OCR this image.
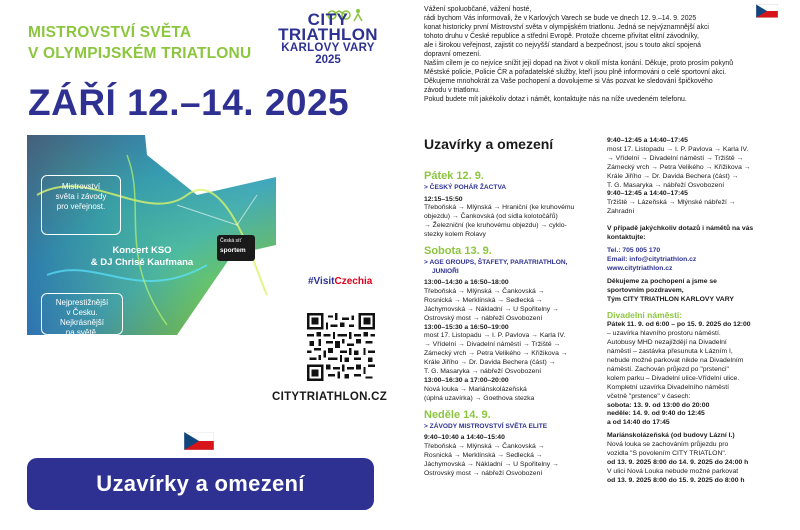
MISTROVSTVÍ SVĚTA
V OLYMPIJSKÉM TRIATLONU
CITY
TRIATHLON
KARLOVY VARY
2025
ZÁŘÍ 12.–14. 2025
Mistrovství
světa i závody
pro veřejnost.
Koncert KSO
& DJ Chrisě Kaufmana
Česká síť
sportem
Nejprestižnější
v Česku.
Nejkrásnější
na světě.
#VisitCzechia
CITYTRIATHLON.CZ
Uzavírky a omezení

Vážení spoluobčané, vážení hosté,

rádi bychom Vás informovali, že v Karlových Varech se bude ve dnech 12. 9.–14. 9. 2025

konat historicky první Mistrovství světa v olympijském triatlonu. Jedná se nejvýznamnější akci

tohoto druhu v České republice a střední Evropě. Protože chceme přivítat elitní závodníky,

ale i širokou veřejnost, zajistit co nejvyšší standard a bezpečnost, jsou s touto akcí spojená

dopravní omezení.

Naším cílem je co nejvíce snížit její dopad na život v okolí místa konání. Děkuje, proto prosím pokynů

Městské policie, Policie ČR a pořadatelské služby, kteří jsou plně informováni o celé sportovní akci.

Děkujeme mnohokrát za Vaše pochopení a dovolujeme si Vás pozvat ke sledování špičkového

závodu v triatlonu.

Pokud budete mít jakékoliv dotaz i námět, kontaktujte nás na níže uvedeném telefonu.

Uzavírky a omezení
Pátek 12. 9.
> ČESKÝ POHÁR ŽACTVA
12:15–15:50
Třeboňská → Mlýnská → Hraniční (ke kruhovému
objezdu) → Čankovská (od sídla kolotočářů)
→ Železniční (ke kruhovému objezdu) → cyklo-
stezky kolem Rolavy
Sobota 13. 9.
> AGE GROUPS, ŠTAFETY, PARATRIATHLON,
JUNIOŘI
13:00–14:30 a 16:50–18:00
Třeboňská → Mlýnská → Čankovská →
Rosnická → Merklínská → Sedlecká →
Jáchymovská → Nákladní → U Spořitelny →
Ostrovský most → nábřeží Osvobození
13:00–15:30 a 16:50–19:00
most 17. Listopadu → I. P. Pavlova → Karla IV.
→ Vřídelní → Divadelní náměstí → Tržiště →
Zámecký vrch → Petra Velikého → Křižikova →
Krále Jiřího → Dr. Davida Bechera (část) →
T. G. Masaryka → nábřeží Osvobození
13:00–16:30 a 17:00–20:00
Nová louka → Mariánskolázeňská
(úplná uzavírka) → Goethova stezka
Neděle 14. 9.
> ZÁVODY MISTROVSTVÍ SVĚTA ELITE
9:40–10:40 a 14:40–15:40
Třeboňská → Mlýnská → Čankovská →
Rosnická → Merklínská → Sedlecká →
Jáchymovská → Nákladní → U Spořitelny →
Ostrovský most → nábřeží Osvobození
9:40–12:45 a 14:40–17:45
most 17. Listopadu → I. P. Pavlova → Karla IV.
→ Vřídelní → Divadelní náměstí → Tržiště →
Zámecký vrch → Petra Velikého → Křižikova →
Krále Jiřího → Dr. Davida Bechera (část) →
T. G. Masaryka → nábřeží Osvobození
9:40–12:45 a 14:40–17:45
Tržiště → Lázeňská → Mlýnské nábřeží →
Zahradní
V případě jakýchkoliv dotazů i námětů na vás
kontaktujte:
Tel.: 705 005 170
Email: info@citytriathlon.cz
www.citytriathlon.cz
Děkujeme za pochopení a jsme se
sportovním pozdravem,
Tým CITY TRIATHLON KARLOVY VARY
Divadelní náměstí:
Pátek 11. 9. od 6:00 – po 15. 9. 2025 do 12:00
– uzavírka hlavního prostoru náměstí.
Autobusy MHD nezajíždějí na Divadelní
náměstí – zastávka přesunuta k Lázním I,
nebude možné parkovat nikde na Divadelním
náměstí. Zachován průjezd po "prstenci"
kolem parku – Divadelní ulice-Vřídelní ulice.
Kompletní uzavírka Divadelního náměstí
včetně "prstence" v časech:
sobota: 13. 9. od 13:00 do 20:00
neděle: 14. 9. od 9:40 do 12:45
a od 14:40 do 17:45
Mariánskolázeňská (od budovy Lázní I.)
Nová louka se zachováním průjezdu pro
vozidla "S povolením CITY TRIATLON".
od 13. 9. 2025 8:00 do 14. 9. 2025 do 24:00 h
V ulici Nová Louka nebude možné parkovat
od 13. 9. 2025 8:00 do 15. 9. 2025 do 8:00 h
